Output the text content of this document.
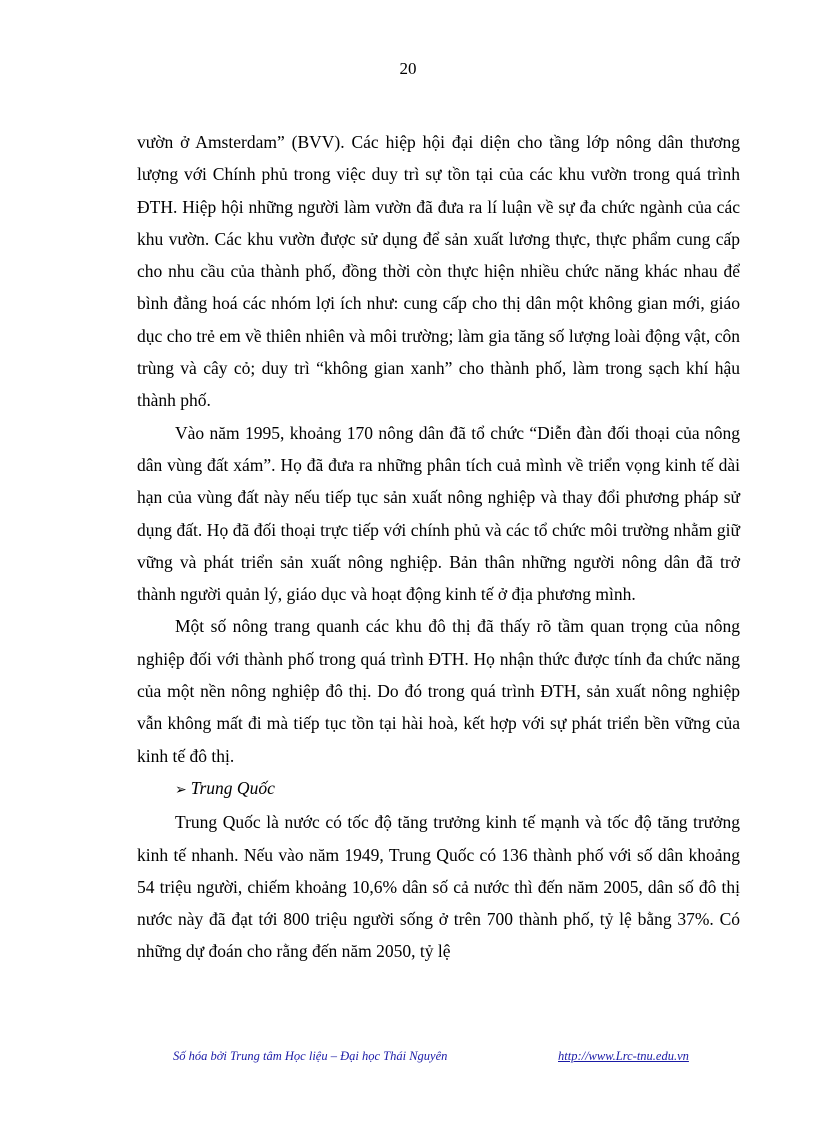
20

vườn ở Amsterdam” (BVV). Các hiệp hội đại diện cho tầng lớp nông dân thương lượng với Chính phủ trong việc duy trì sự tồn tại của các khu vườn trong quá trình ĐTH. Hiệp hội những người làm vườn đã đưa ra lí luận về sự đa chức ngành của các khu vườn. Các khu vườn được sử dụng để sản xuất lương thực, thực phẩm cung cấp cho nhu cầu của thành phố, đồng thời còn thực hiện nhiều chức năng khác nhau để bình đẳng hoá các nhóm lợi ích như: cung cấp cho thị dân một không gian mới, giáo dục cho trẻ em về thiên nhiên và môi trường; làm gia tăng số lượng loài động vật, côn trùng và cây cỏ; duy trì “không gian xanh” cho thành phố, làm trong sạch khí hậu thành phố.

Vào năm 1995, khoảng 170 nông dân đã tổ chức “Diễn đàn đối thoại của nông dân vùng đất xám”. Họ đã đưa ra những phân tích cuả mình về triển vọng kinh tế dài hạn của vùng đất này nếu tiếp tục sản xuất nông nghiệp và thay đổi phương pháp sử dụng đất. Họ đã đối thoại trực tiếp với chính phủ và các tổ chức môi trường nhằm giữ vững và phát triển sản xuất nông nghiệp. Bản thân những người nông dân đã trở thành người quản lý, giáo dục và hoạt động kinh tế ở địa phương mình.

Một số nông trang quanh các khu đô thị đã thấy rõ tầm quan trọng của nông nghiệp đối với thành phố trong quá trình ĐTH. Họ nhận thức được tính đa chức năng của một nền nông nghiệp đô thị. Do đó trong quá trình ĐTH, sản xuất nông nghiệp vẫn không mất đi mà tiếp tục tồn tại hài hoà, kết hợp với sự phát triển bền vững của kinh tế đô thị.

➢ Trung Quốc

Trung Quốc là nước có tốc độ tăng trưởng kinh tế mạnh và tốc độ tăng trưởng kinh tế nhanh. Nếu vào năm 1949, Trung Quốc có 136 thành phố với số dân khoảng 54 triệu người, chiếm khoảng 10,6% dân số cả nước thì đến năm 2005, dân số đô thị nước này đã đạt tới 800 triệu người sống ở trên 700 thành phố, tỷ lệ bằng 37%. Có những dự đoán cho rằng đến năm 2050, tỷ lệ

Số hóa bởi Trung tâm Học liệu – Đại học Thái Nguyên	http://www.Lrc-tnu.edu.vn
